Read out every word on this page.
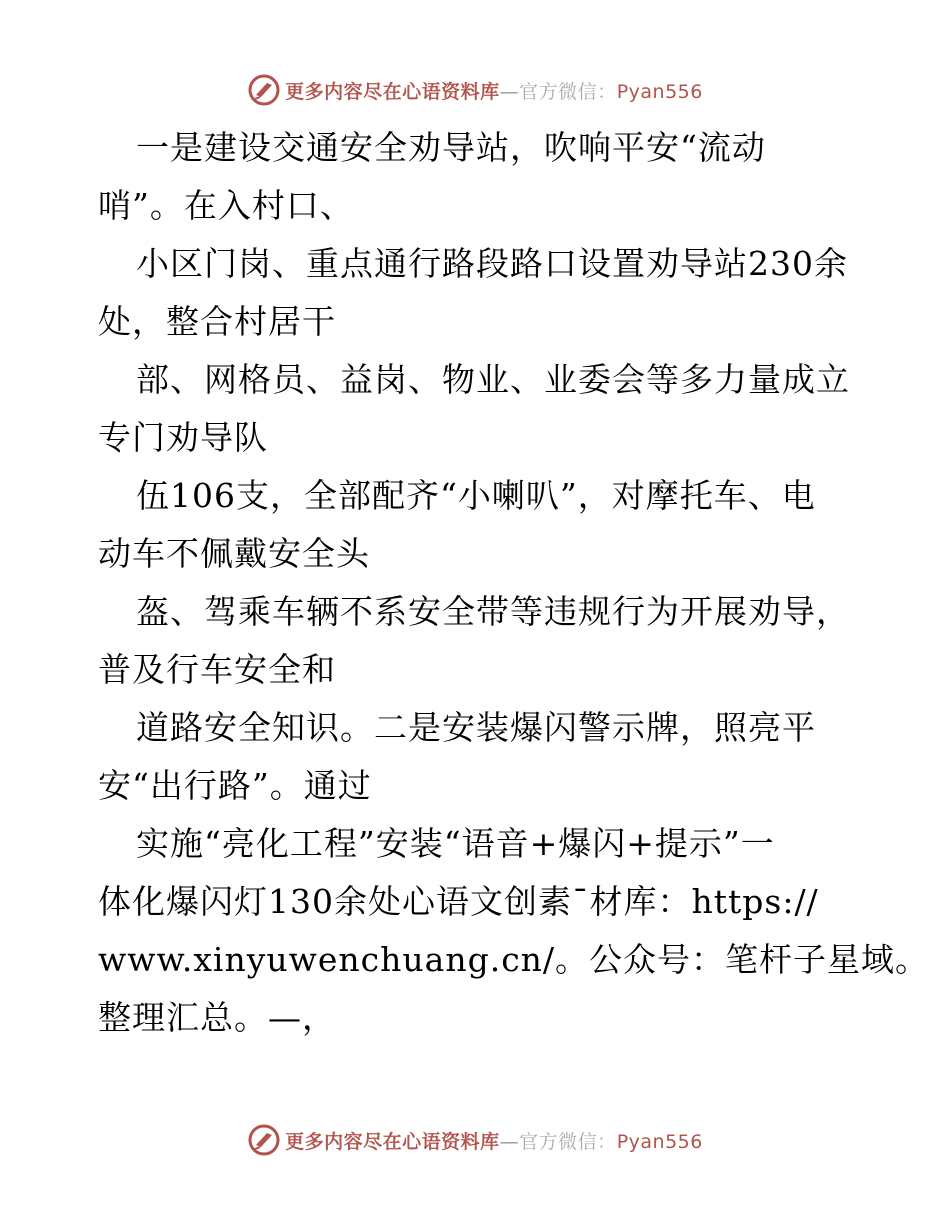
更多内容尽在心语资料库—官方微信：Pyan556
一是建设交通安全劝导站，吹响平安“流动
哨”。在入村口、
小区门岗、重点通行路段路口设置劝导站230余
处，整合村居干
部、网格员、益岗、物业、业委会等多力量成立
专门劝导队
伍106支，全部配齐“小喇叭”，对摩托车、电
动车不佩戴安全头
盔、驾乘车辆不系安全带等违规行为开展劝导，
普及行车安全和
道路安全知识。二是安装爆闪警示牌，照亮平
安“出行路”。通过
实施“亮化工程”安装“语音+爆闪+提示”一
体化爆闪灯130余处心语文创素¯材库：https://
www.xinyuwenchuang.cn/。公众号：笔杆子星域。
整理汇总。—，
更多内容尽在心语资料库—官方微信：Pyan556
